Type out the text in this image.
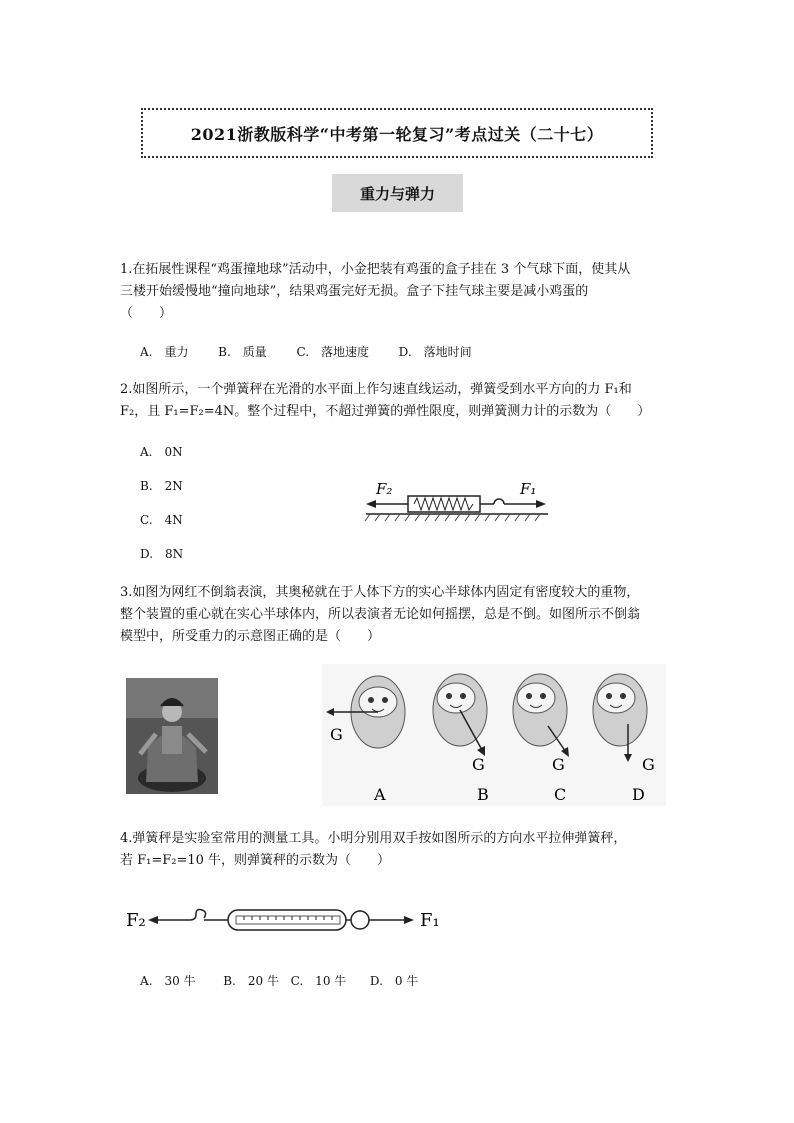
2021浙教版科学“中考第一轮复习”考点过关（二十七）
重力与弹力
1.在拓展性课程“鸡蛋撞地球”活动中，小金把装有鸡蛋的盒子挂在 3 个气球下面，使其从
三楼开始缓慢地“撞向地球”，结果鸡蛋完好无损。盒子下挂气球主要是减小鸡蛋的
（　　）
A.　重力 B.　质量 C.　落地速度 D.　落地时间
2.如图所示，一个弹簧秤在光滑的水平面上作匀速直线运动，弹簧受到水平方向的力 F₁和
F₂，且 F₁=F₂=4N。整个过程中，不超过弹簧的弹性限度，则弹簧测力计的示数为（　　）
A.　0N
B.　2N
C.　4N
D.　8N
F₂	F₁
3.如图为网红不倒翁表演，其奥秘就在于人体下方的实心半球体内固定有密度较大的重物，
整个装置的重心就在实心半球体内，所以表演者无论如何摇摆，总是不倒。如图所示不倒翁
模型中，所受重力的示意图正确的是（　　）
G
A
G
B
G
C
G
D
4.弹簧秤是实验室常用的测量工具。小明分别用双手按如图所示的方向水平拉伸弹簧秤，
若 F₁=F₂=10 牛，则弹簧秤的示数为（　　）
F₂	F₁
A.　30 牛 B.　20 牛 C.　10 牛 D.　0 牛
